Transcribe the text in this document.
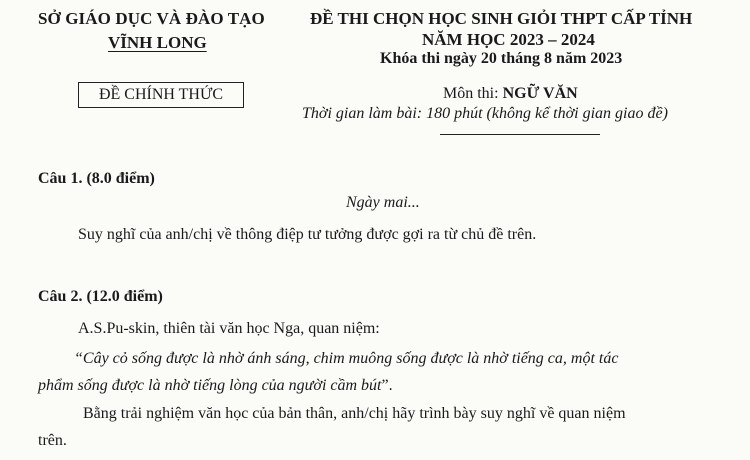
SỞ GIÁO DỤC VÀ ĐÀO TẠO
VĨNH LONG
ĐỀ CHÍNH THỨC
ĐỀ THI CHỌN HỌC SINH GIỎI THPT CẤP TỈNH
NĂM HỌC 2023 – 2024
Khóa thi ngày 20 tháng 8 năm 2023
Môn thi: NGỮ VĂN
Thời gian làm bài: 180 phút (không kể thời gian giao đề)
Câu 1. (8.0 điểm)
Ngày mai...
Suy nghĩ của anh/chị về thông điệp tư tưởng được gợi ra từ chủ đề trên.
Câu 2. (12.0 điểm)
A.S.Pu-skin, thiên tài văn học Nga, quan niệm:
“Cây cỏ sống được là nhờ ánh sáng, chim muông sống được là nhờ tiếng ca, một tác
phẩm sống được là nhờ tiếng lòng của người cầm bút”.
Bằng trải nghiệm văn học của bản thân, anh/chị hãy trình bày suy nghĩ về quan niệm
trên.
